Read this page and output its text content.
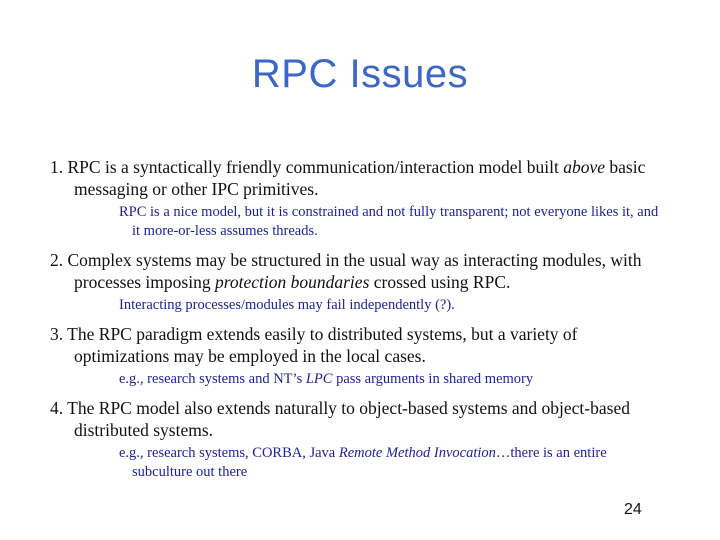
RPC Issues
1. RPC is a syntactically friendly communication/interaction model built above basic messaging or other IPC primitives.
RPC is a nice model, but it is constrained and not fully transparent; not everyone likes it, and it more-or-less assumes threads.
2. Complex systems may be structured in the usual way as interacting modules, with processes imposing protection boundaries crossed using RPC.
Interacting processes/modules may fail independently (?).
3. The RPC paradigm extends easily to distributed systems, but a variety of optimizations may be employed in the local cases.
e.g., research systems and NT’s LPC pass arguments in shared memory
4. The RPC model also extends naturally to object-based systems and object-based distributed systems.
e.g., research systems, CORBA, Java Remote Method Invocation…there is an entire subculture out there
24
